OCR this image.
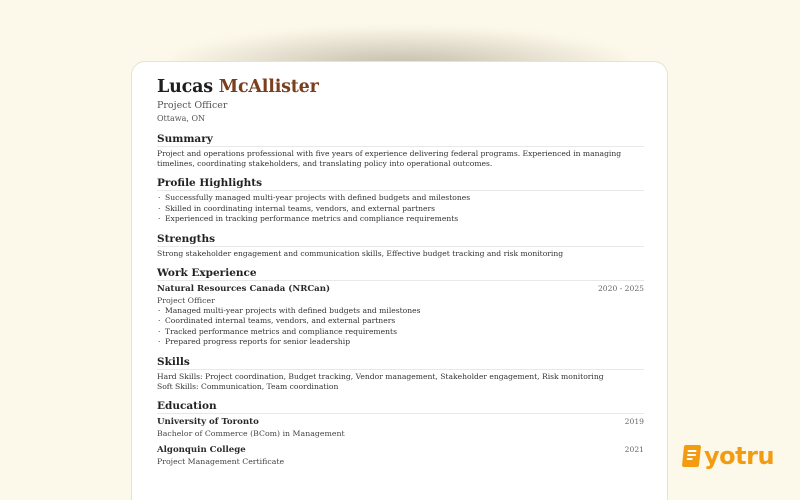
Lucas McAllister
Project Officer
Ottawa, ON
Summary
Project and operations professional with five years of experience delivering federal programs. Experienced in managing timelines, coordinating stakeholders, and translating policy into operational outcomes.
Profile Highlights
· Successfully managed multi-year projects with defined budgets and milestones
· Skilled in coordinating internal teams, vendors, and external partners
· Experienced in tracking performance metrics and compliance requirements
Strengths
Strong stakeholder engagement and communication skills, Effective budget tracking and risk monitoring
Work Experience
Natural Resources Canada (NRCan)	2020 - 2025
Project Officer
· Managed multi-year projects with defined budgets and milestones
· Coordinated internal teams, vendors, and external partners
· Tracked performance metrics and compliance requirements
· Prepared progress reports for senior leadership
Skills
Hard Skills: Project coordination, Budget tracking, Vendor management, Stakeholder engagement, Risk monitoring
Soft Skills: Communication, Team coordination
Education
University of Toronto	2019
Bachelor of Commerce (BCom) in Management
Algonquin College	2021
Project Management Certificate	yotru
